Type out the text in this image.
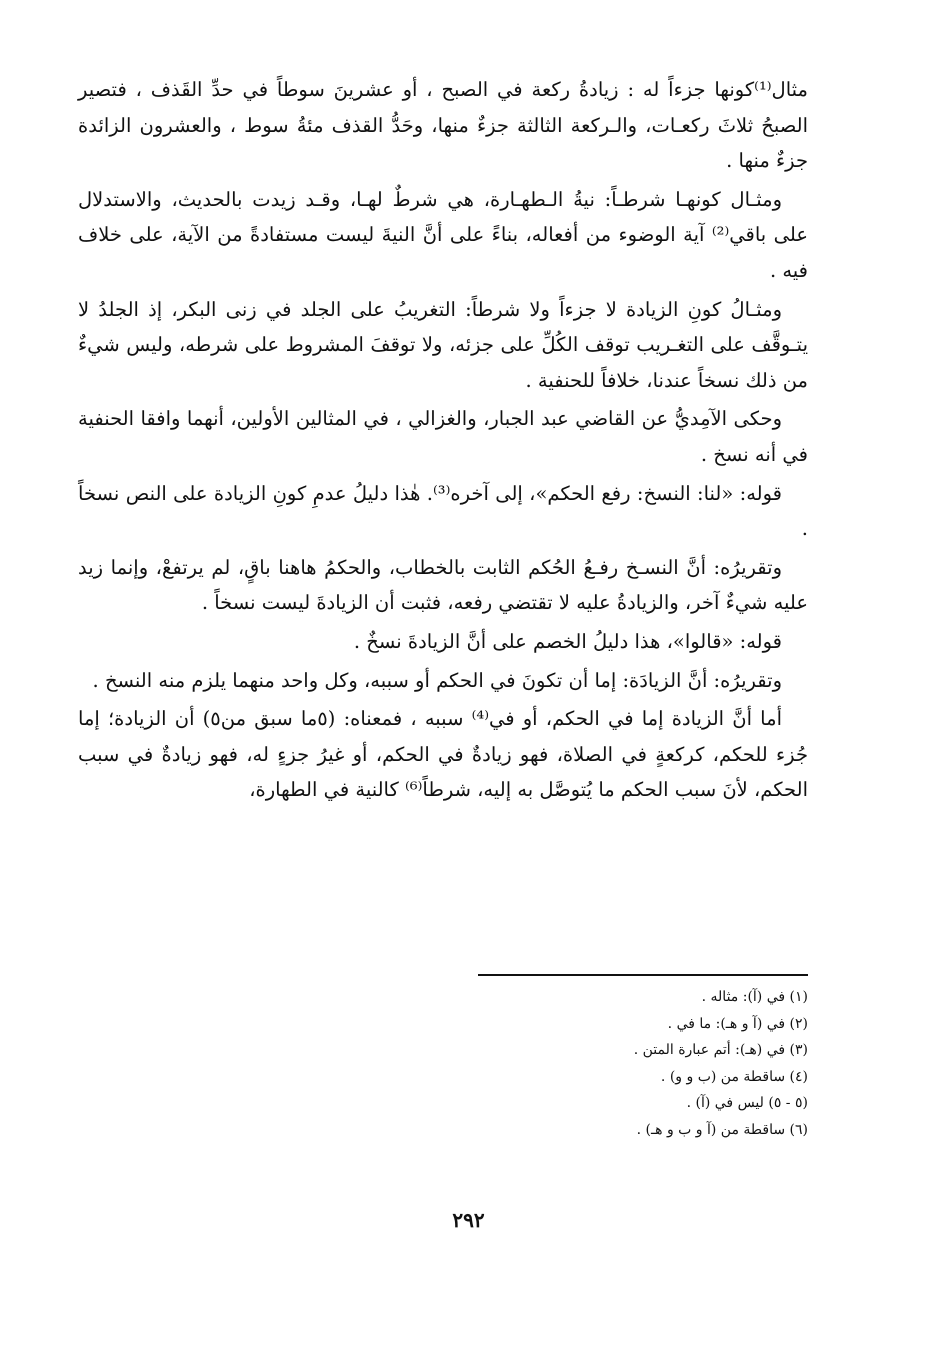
مثال⁽¹⁾كونها جزءاً له : زيادةُ ركعة في الصبح ، أو عشرينَ سوطاً في حدِّ القَذف ، فتصير الصبحُ ثلاثَ ركعـات، والـركعة الثالثة جزءٌ منها، وحَدُّ القذف مئةُ سوط ، والعشرون الزائدة جزءٌ منها .

ومثـال كونهـا شرطـاً: نيةُ الـطهـارة، هي شرطٌ لهـا، وقـد زيدت بالحديث، والاستدلال على باقي⁽²⁾ آية الوضوء من أفعاله، بناءً على أنَّ النيةَ ليست مستفادةً من الآية، على خلاف فيه .

ومثـالُ كونِ الزيادة لا جزءاً ولا شرطاً: التغريبُ على الجلد في زنى البكر، إذ الجلدُ لا يتـوقَّف على التغـريب توقف الكُلِّ على جزئه، ولا توقفَ المشروط على شرطه، وليس شيءٌ من ذلك نسخاً عندنا، خلافاً للحنفية .

وحكى الآمِديُّ عن القاضي عبد الجبار، والغزالي ، في المثالين الأولين، أنهما وافقا الحنفية في أنه نسخ .

قوله: «لنا: النسخ: رفع الحكم»، إلى آخره⁽³⁾. هٰذا دليلُ عدمِ كونِ الزيادة على النص نسخاً .

وتقريرُه: أنَّ النسـخ رفـعُ الحُكم الثابت بالخطاب، والحكمُ هاهنا باقٍ، لم يرتفعْ، وإنما زيد عليه شيءٌ آخر، والزيادةُ عليه لا تقتضي رفعه، فثبت أن الزيادةَ ليست نسخاً .

قوله: «قالوا»، هذا دليلُ الخصم على أنَّ الزيادةَ نسخٌ .

وتقريرُه: أنَّ الزيادَة: إما أن تكونَ في الحكم أو سببه، وكل واحد منهما يلزم منه النسخ .

أما أنَّ الزيادة إما في الحكم، أو في⁽⁴⁾ سببه ، فمعناه: (٥ما سبق من٥) أن الزيادة؛ إما جُزء للحكم، كركعةٍ في الصلاة، فهو زيادةٌ في الحكم، أو غيرُ جزءٍ له، فهو زيادةٌ في سبب الحكم، لأنَ سبب الحكم ما يُتوصَّل به إليه، شرطاً⁽⁶⁾ كالنية في الطهارة،

(١) في (آ): مثاله .
(٢) في (آ و هـ): ما في .
(٣) في (هـ): أتم عبارة المتن .
(٤) ساقطة من (ب و و) .
(٥ - ٥) ليس في (آ) .
(٦) ساقطة من (آ و ب و هـ) .
٢٩٢
